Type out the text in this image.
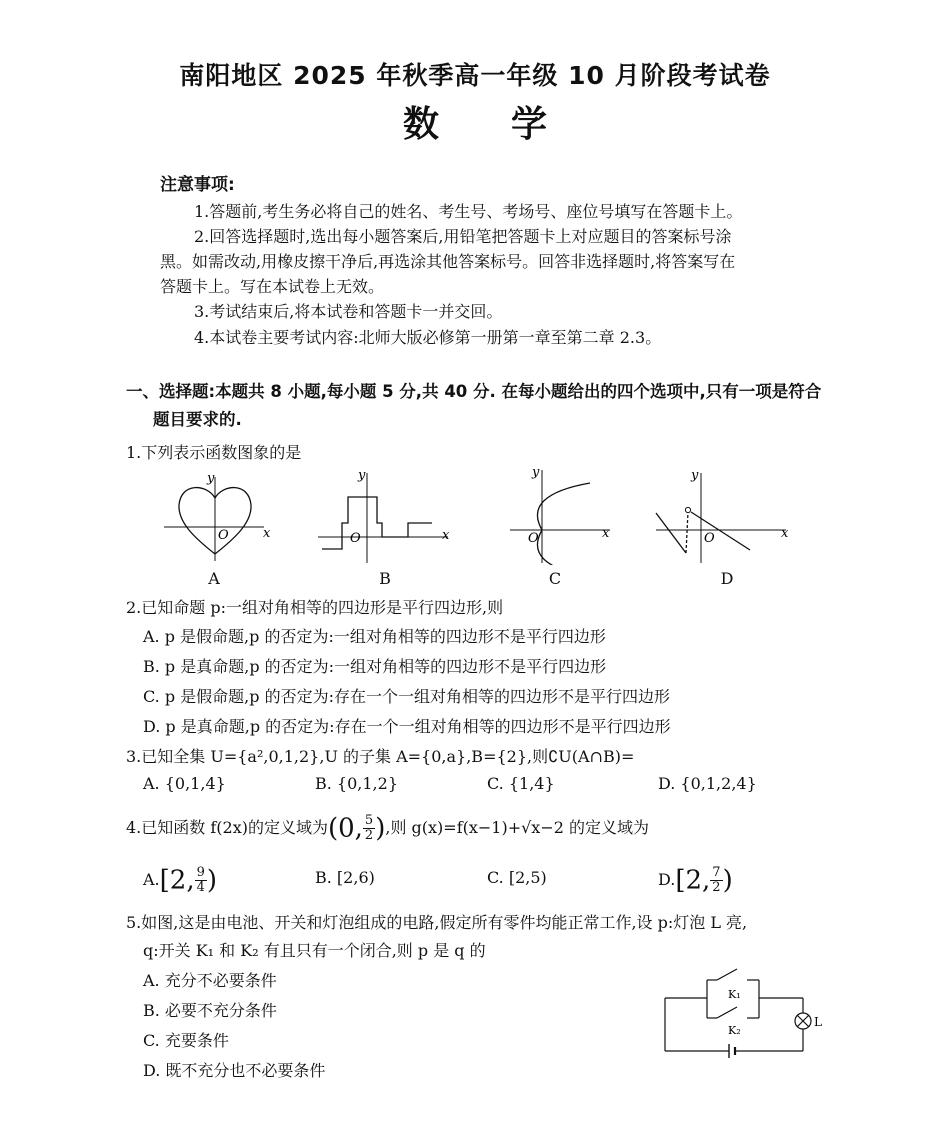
南阳地区 2025 年秋季高一年级 10 月阶段考试卷
数　　学
注意事项:
1.答题前,考生务必将自己的姓名、考生号、考场号、座位号填写在答题卡上。
2.回答选择题时,选出每小题答案后,用铅笔把答题卡上对应题目的答案标号涂
黑。如需改动,用橡皮擦干净后,再选涂其他答案标号。回答非选择题时,将答案写在
答题卡上。写在本试卷上无效。
3.考试结束后,将本试卷和答题卡一并交回。
4.本试卷主要考试内容:北师大版必修第一册第一章至第二章 2.3。
一、选择题:本题共 8 小题,每小题 5 分,共 40 分. 在每小题给出的四个选项中,只有一项是符合
题目要求的.
1.下列表示函数图象的是
y
O	x
y
O	x
y
O	x
y
O	x
A	B	C	D
2.已知命题 p:一组对角相等的四边形是平行四边形,则
A. p 是假命题,p 的否定为:一组对角相等的四边形不是平行四边形
B. p 是真命题,p 的否定为:一组对角相等的四边形不是平行四边形
C. p 是假命题,p 的否定为:存在一个一组对角相等的四边形不是平行四边形
D. p 是真命题,p 的否定为:存在一个一组对角相等的四边形不是平行四边形
3.已知全集 U={a²,0,1,2},U 的子集 A={0,a},B={2},则∁U(A∩B)=
A. {0,1,4}	B. {0,1,2}	C. {1,4}	D. {0,1,2,4}
4.已知函数 f(2x)的定义域为(0, $\frac{5}{2}$ ),则 g(x)=f(x−1)+√x−2 的定义域为
A.[2, $\frac{9}{4}$ )	B. [2,6)	C. [2,5)	D.[2, $\frac{7}{2}$ )
5.如图,这是由电池、开关和灯泡组成的电路,假定所有零件均能正常工作,设 p:灯泡 L 亮,
q:开关 K₁ 和 K₂ 有且只有一个闭合,则 p 是 q 的
A. 充分不必要条件
B. 必要不充分条件
C. 充要条件
D. 既不充分也不必要条件
K₁
K₂
L
